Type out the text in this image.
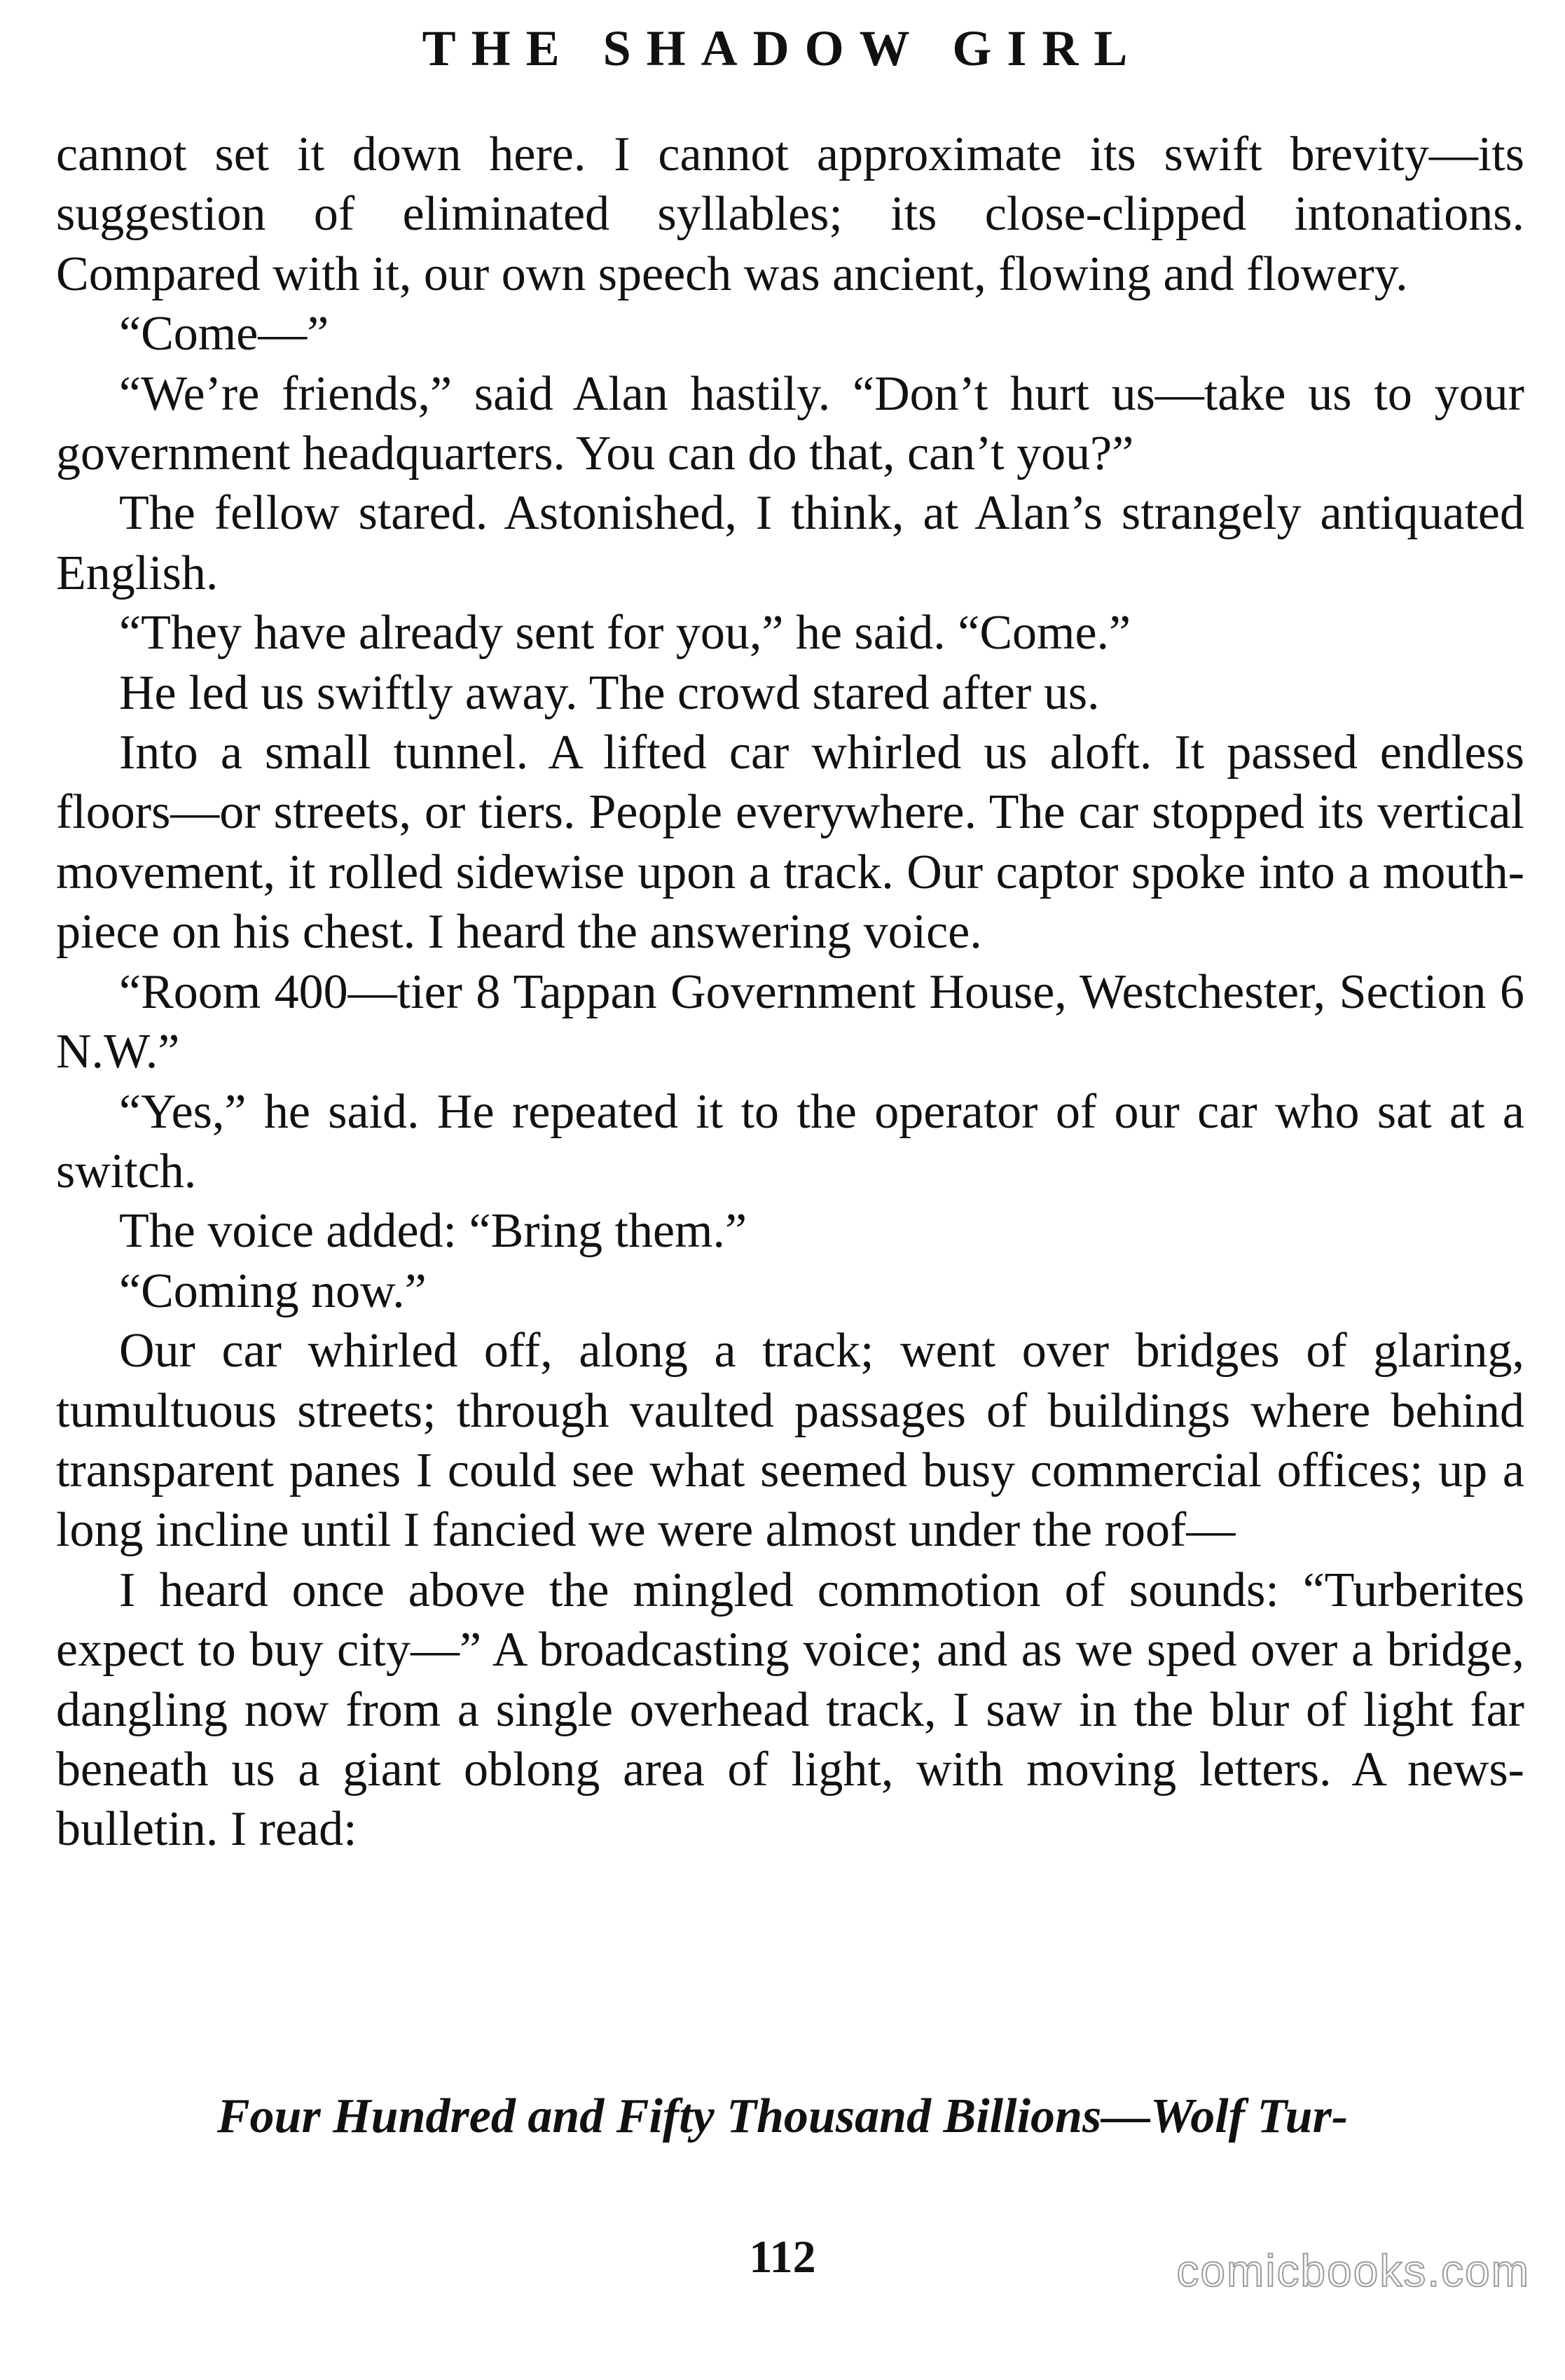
THE SHADOW GIRL

cannot set it down here. I cannot approximate its swift brevity—its suggestion of eliminated syllables; its close-clipped intonations. Compared with it, our own speech was ancient, flowing and flowery.

“Come—”

“We’re friends,” said Alan hastily. “Don’t hurt us—take us to your government headquarters. You can do that, can’t you?”

The fellow stared. Astonished, I think, at Alan’s strangely antiquated English.

“They have already sent for you,” he said. “Come.”

He led us swiftly away. The crowd stared after us.

Into a small tunnel. A lifted car whirled us aloft. It passed endless floors—or streets, or tiers. People everywhere. The car stopped its vertical movement, it rolled sidewise upon a track. Our captor spoke into a mouth-piece on his chest. I heard the answering voice.

“Room 400—tier 8 Tappan Government House, Westchester, Section 6 N.W.”

“Yes,” he said. He repeated it to the operator of our car who sat at a switch.

The voice added: “Bring them.”

“Coming now.”

Our car whirled off, along a track; went over bridges of glaring, tumultuous streets; through vaulted passages of buildings where behind transparent panes I could see what seemed busy commercial offices; up a long incline until I fancied we were almost under the roof—

I heard once above the mingled commotion of sounds: “Turberites expect to buy city—” A broadcasting voice; and as we sped over a bridge, dangling now from a single overhead track, I saw in the blur of light far beneath us a giant oblong area of light, with moving letters. A news-bulletin. I read:

Four Hundred and Fifty Thousand Billions—Wolf Tur-

112	comicbooks.com
